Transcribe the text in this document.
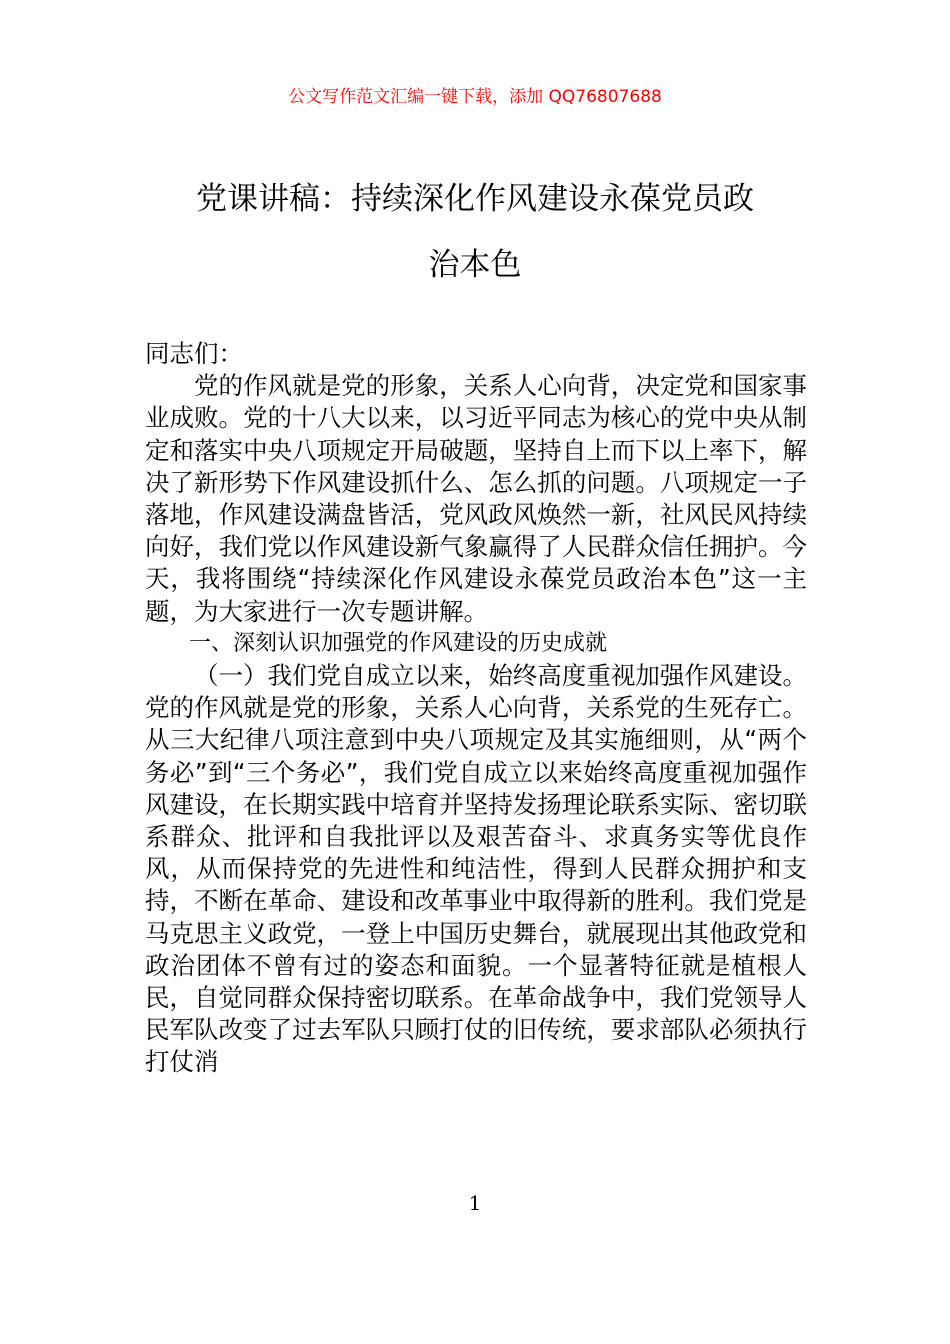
公文写作范文汇编一键下载，添加 QQ76807688
党课讲稿：持续深化作风建设永葆党员政
治本色

同志们：

党的作风就是党的形象，关系人心向背，决定党和国家事业成败。党的十八大以来，以习近平同志为核心的党中央从制定和落实中央八项规定开局破题，坚持自上而下以上率下，解决了新形势下作风建设抓什么、怎么抓的问题。八项规定一子落地，作风建设满盘皆活，党风政风焕然一新，社风民风持续向好，我们党以作风建设新气象赢得了人民群众信任拥护。今天，我将围绕“持续深化作风建设永葆党员政治本色”这一主题，为大家进行一次专题讲解。

一、深刻认识加强党的作风建设的历史成就

（一）我们党自成立以来，始终高度重视加强作风建设。党的作风就是党的形象，关系人心向背，关系党的生死存亡。从三大纪律八项注意到中央八项规定及其实施细则，从“两个务必”到“三个务必”，我们党自成立以来始终高度重视加强作风建设，在长期实践中培育并坚持发扬理论联系实际、密切联系群众、批评和自我批评以及艰苦奋斗、求真务实等优良作风，从而保持党的先进性和纯洁性，得到人民群众拥护和支持，不断在革命、建设和改革事业中取得新的胜利。我们党是马克思主义政党，一登上中国历史舞台，就展现出其他政党和政治团体不曾有过的姿态和面貌。一个显著特征就是植根人民，自觉同群众保持密切联系。在革命战争中，我们党领导人民军队改变了过去军队只顾打仗的旧传统，要求部队必须执行打仗消

1
